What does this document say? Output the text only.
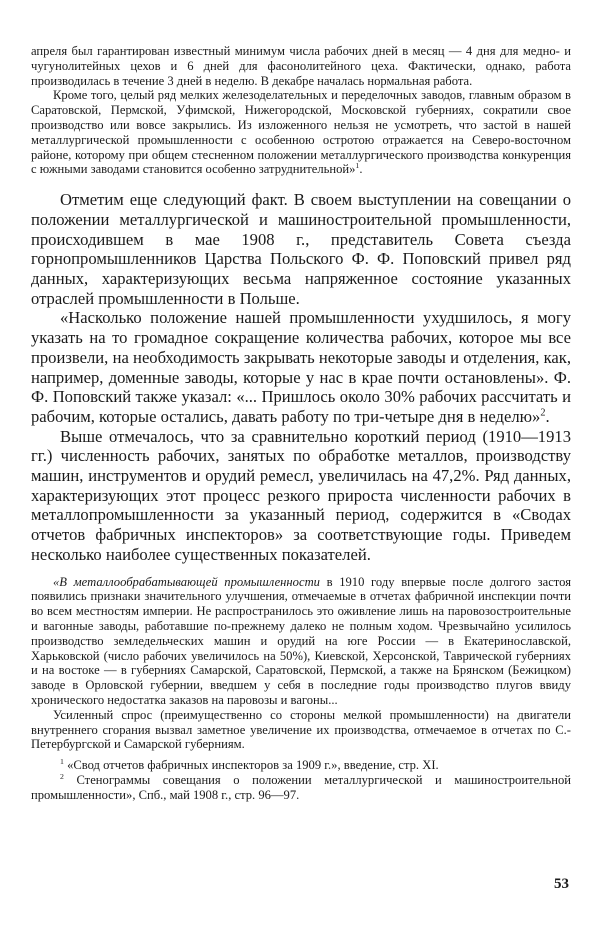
апреля был гарантирован известный минимум числа рабочих дней в месяц — 4 дня для медно- и чугунолитейных цехов и 6 дней для фасонолитейного цеха. Фактически, однако, работа производилась в течение 3 дней в неделю. В декабре началась нормальная работа.

Кроме того, целый ряд мелких железоделательных и переделочных заводов, главным образом в Саратовской, Пермской, Уфимской, Нижегородской, Московской губерниях, сократили свое производство или вовсе закрылись. Из изложенного нельзя не усмотреть, что застой в нашей металлургической промышленности с особенною остротою отражается на Северо-восточном районе, которому при общем стесненном положении металлургического производства конкуренция с южными заводами становится особенно затруднительной»$^1$.

Отметим еще следующий факт. В своем выступлении на совещании о положении металлургической и машиностроительной промышленности, происходившем в мае 1908 г., представитель Совета съезда горнопромышленников Царства Польского Ф. Ф. Поповский привел ряд данных, характеризующих весьма напряженное состояние указанных отраслей промышленности в Польше.

«Насколько положение нашей промышленности ухудшилось, я могу указать на то громадное сокращение количества рабочих, которое мы все произвели, на необходимость закрывать некоторые заводы и отделения, как, например, доменные заводы, которые у нас в крае почти остановлены». Ф. Ф. Поповский также указал: «... Пришлось около 30% рабочих рассчитать и рабочим, которые остались, давать работу по три-четыре дня в неделю»$^2$.

Выше отмечалось, что за сравнительно короткий период (1910—1913 гг.) численность рабочих, занятых по обработке металлов, производству машин, инструментов и орудий ремесл, увеличилась на 47,2%. Ряд данных, характеризующих этот процесс резкого прироста численности рабочих в металлопромышленности за указанный период, содержится в «Сводах отчетов фабричных инспекторов» за соответствующие годы. Приведем несколько наиболее существенных показателей.

«В металлообрабатывающей промышленности в 1910 году впервые после долгого застоя появились признаки значительного улучшения, отмечаемые в отчетах фабричной инспекции почти во всем местностям империи. Не распространилось это оживление лишь на паровозостроительные и вагонные заводы, работавшие по-прежнему далеко не полным ходом. Чрезвычайно усилилось производство земледельческих машин и орудий на юге России — в Екатеринославской, Харьковской (число рабочих увеличилось на 50%), Киевской, Херсонской, Таврической губерниях и на востоке — в губерниях Самарской, Саратовской, Пермской, а также на Брянском (Бежицком) заводе в Орловской губернии, введшем у себя в последние годы производство плугов ввиду хронического недостатка заказов на паровозы и вагоны...

Усиленный спрос (преимущественно со стороны мелкой промышленности) на двигатели внутреннего сгорания вызвал заметное увеличение их производства, отмечаемое в отчетах по С.-Петербургской и Самарской губерниям.

$^1$ «Свод отчетов фабричных инспекторов за 1909 г.», введение, стр. XI.

$^2$ Стенограммы совещания о положении металлургической и машиностроительной промышленности», Спб., май 1908 г., стр. 96—97.

53
